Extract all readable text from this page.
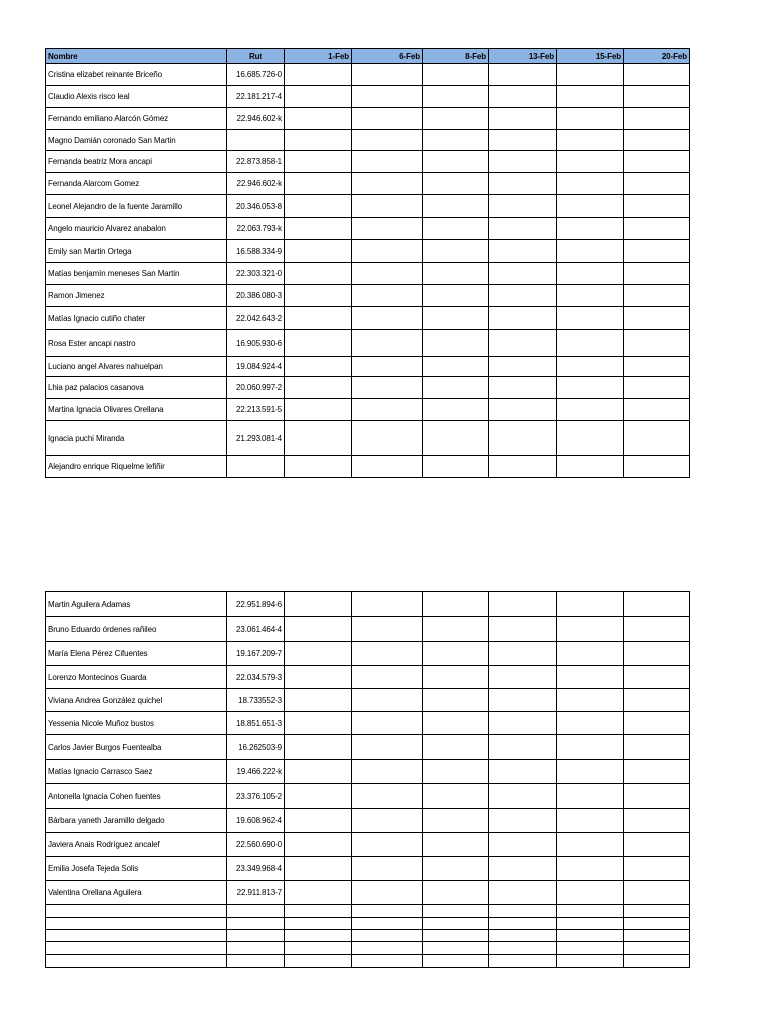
Nombre	Rut	1-Feb	6-Feb	8-Feb	13-Feb	15-Feb	20-Feb
Cristina elizabet reinante Briceño	16.685.726-0						
Claudio Alexis risco leal	22.181.217-4						
Fernando emiliano Alarcón Gómez	22.946.602-k						
Magno Damián coronado San Martin							
Fernanda beatriz Mora ancapi	22.873.858-1						
Fernanda Alarcom Gomez	22.946.602-k						
Leonel Alejandro de la fuente Jaramillo	20.346.053-8						
Angelo mauricio Alvarez anabalon	22.063.793-k						
Emily san Martin Ortega	16.588.334-9						
Matías benjamín meneses San Martin	22.303.321-0						
Ramon Jimenez	20.386.080-3						
Matías Ignacio cutiño chater	22.042.643-2						
Rosa Ester ancapi nastro	16.905.930-6						
Luciano angel Alvares nahuelpan	19.084.924-4						
Lhia paz palacios casanova	20.060.997-2						
Martina Ignacia Olivares Orellana	22.213.591-5						
Ignacia puchi Miranda	21.293.081-4						
Alejandro enrique Riquelme lefiñir							
Martin Aguilera Adamas	22.951.894-6						
Bruno Eduardo órdenes rañileo	23.061.464-4						
María Elena Pérez Cifuentes	19.167.209-7						
Lorenzo Montecinos Guarda	22.034.579-3						
Viviana Andrea González quichel	18.733552-3						
Yessenia Nicole Muñoz bustos	18.851.651-3						
Carlos Javier Burgos Fuentealba	16.262503-9						
Matías Ignacio Carrasco Saez	19.466.222-k						
Antonella Ignacia Cohen fuentes	23.376.105-2						
Bárbara yaneth Jaramillo delgado	19.608.962-4						
Javiera Anais Rodríguez ancalef	22.560.690-0						
Emilia Josefa Tejeda Solis	23.349.968-4						
Valentina Orellana Aguilera	22.911.813-7						
